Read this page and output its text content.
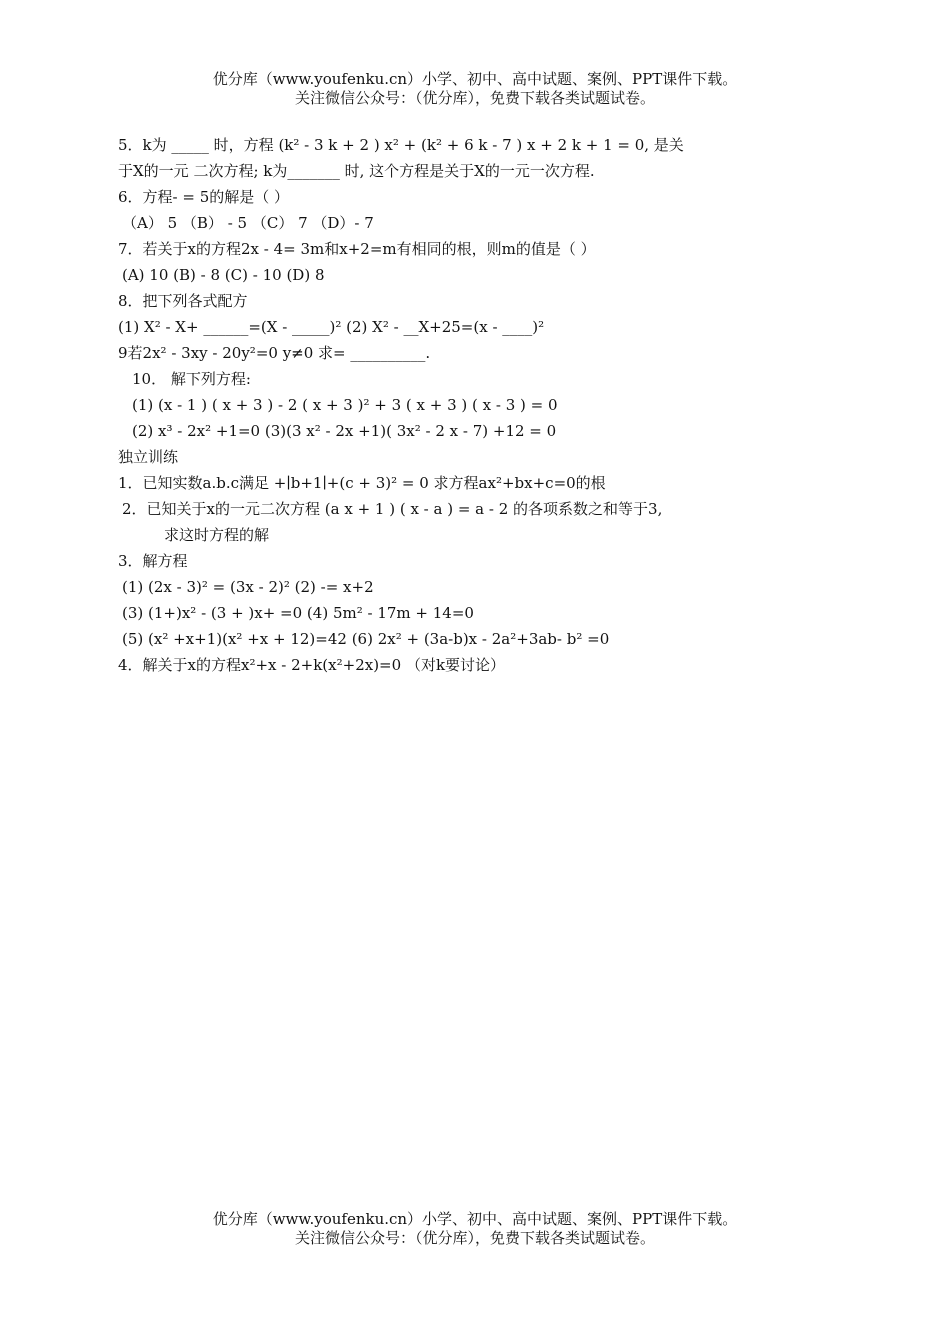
优分库（www.youfenku.cn）小学、初中、高中试题、案例、PPT课件下载。
关注微信公众号：（优分库），免费下载各类试题试卷。
5．k为 _____ 时，方程 (k² - 3 k + 2 ) x² + (k² + 6 k - 7 ) x + 2 k + 1 = 0, 是关
于X的一元 二次方程; k为_______ 时, 这个方程是关于X的一元一次方程.
6．方程- = 5的解是（ ）
（A） 5 （B） - 5 （C） 7 （D）- 7
7．若关于x的方程2x - 4= 3m和x+2=m有相同的根，则m的值是（ ）
(A) 10 (B) - 8 (C) - 10 (D) 8
8．把下列各式配方
(1) X² - X+ ______=(X - _____)² (2) X² - __X+25=(x - ____)²
9若2x² - 3xy - 20y²=0 y≠0 求= __________.
10． 解下列方程:
(1) (x - 1 ) ( x + 3 ) - 2 ( x + 3 )² + 3 ( x + 3 ) ( x - 3 ) = 0
(2) x³ - 2x² +1=0 (3)(3 x² - 2x +1)( 3x² - 2 x - 7) +12 = 0
独立训练
1．已知实数a.b.c满足 +∣b+1∣+(c + 3)² = 0 求方程ax²+bx+c=0的根
2．已知关于x的一元二次方程 (a x + 1 ) ( x - a ) = a - 2 的各项系数之和等于3,
求这时方程的解
3．解方程
(1) (2x - 3)² = (3x - 2)² (2) -= x+2
(3) (1+)x² - (3 + )x+ =0 (4) 5m² - 17m + 14=0
(5) (x² +x+1)(x² +x + 12)=42 (6) 2x² + (3a-b)x - 2a²+3ab- b² =0
4．解关于x的方程x²+x - 2+k(x²+2x)=0 （对k要讨论）
优分库（www.youfenku.cn）小学、初中、高中试题、案例、PPT课件下载。
关注微信公众号：（优分库），免费下载各类试题试卷。
